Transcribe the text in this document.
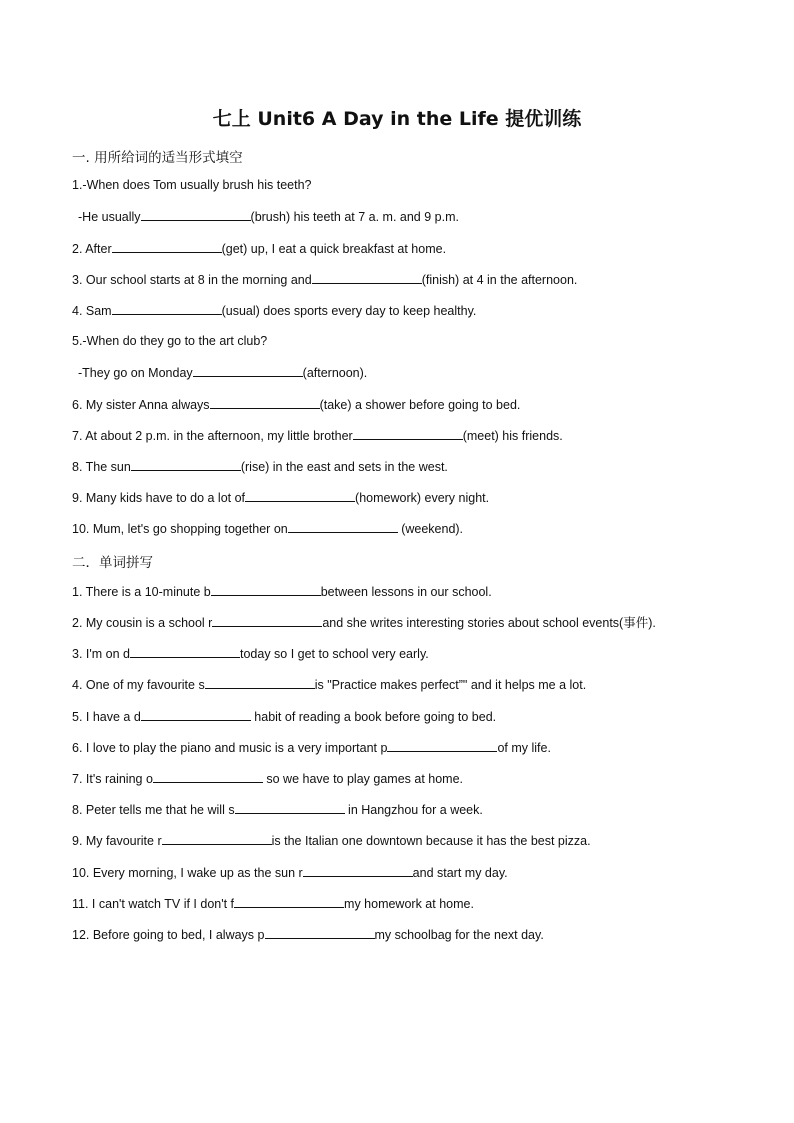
七上 Unit6 A Day in the Life 提优训练
一. 用所给词的适当形式填空
1.-When does Tom usually brush his teeth?
-He usually	(brush) his teeth at 7 a. m. and 9 p.m.
2. After	(get) up, I eat a quick breakfast at home.
3. Our school starts at 8 in the morning and	(finish) at 4 in the afternoon.
4. Sam	(usual) does sports every day to keep healthy.
5.-When do they go to the art club?
-They go on Monday	(afternoon).
6. My sister Anna always	(take) a shower before going to bed.
7. At about 2 p.m. in the afternoon, my little brother	(meet) his friends.
8. The sun	(rise) in the east and sets in the west.
9. Many kids have to do a lot of	(homework) every night.
10. Mum, let's go shopping together on	(weekend).
二．单词拼写
1. There is a 10-minute b	between lessons in our school.
2. My cousin is a school r	and she writes interesting stories about school events(事件).
3. I'm on d	today so I get to school very early.
4. One of my favourite s	is "Practice makes perfect”" and it helps me a lot.
5. I have a d	habit of reading a book before going to bed.
6. I love to play the piano and music is a very important p	of my life.
7. It's raining o	so we have to play games at home.
8. Peter tells me that he will s	in Hangzhou for a week.
9. My favourite r	is the Italian one downtown because it has the best pizza.
10. Every morning, I wake up as the sun r	and start my day.
11. I can't watch TV if I don't f	my homework at home.
12. Before going to bed, I always p	my schoolbag for the next day.
